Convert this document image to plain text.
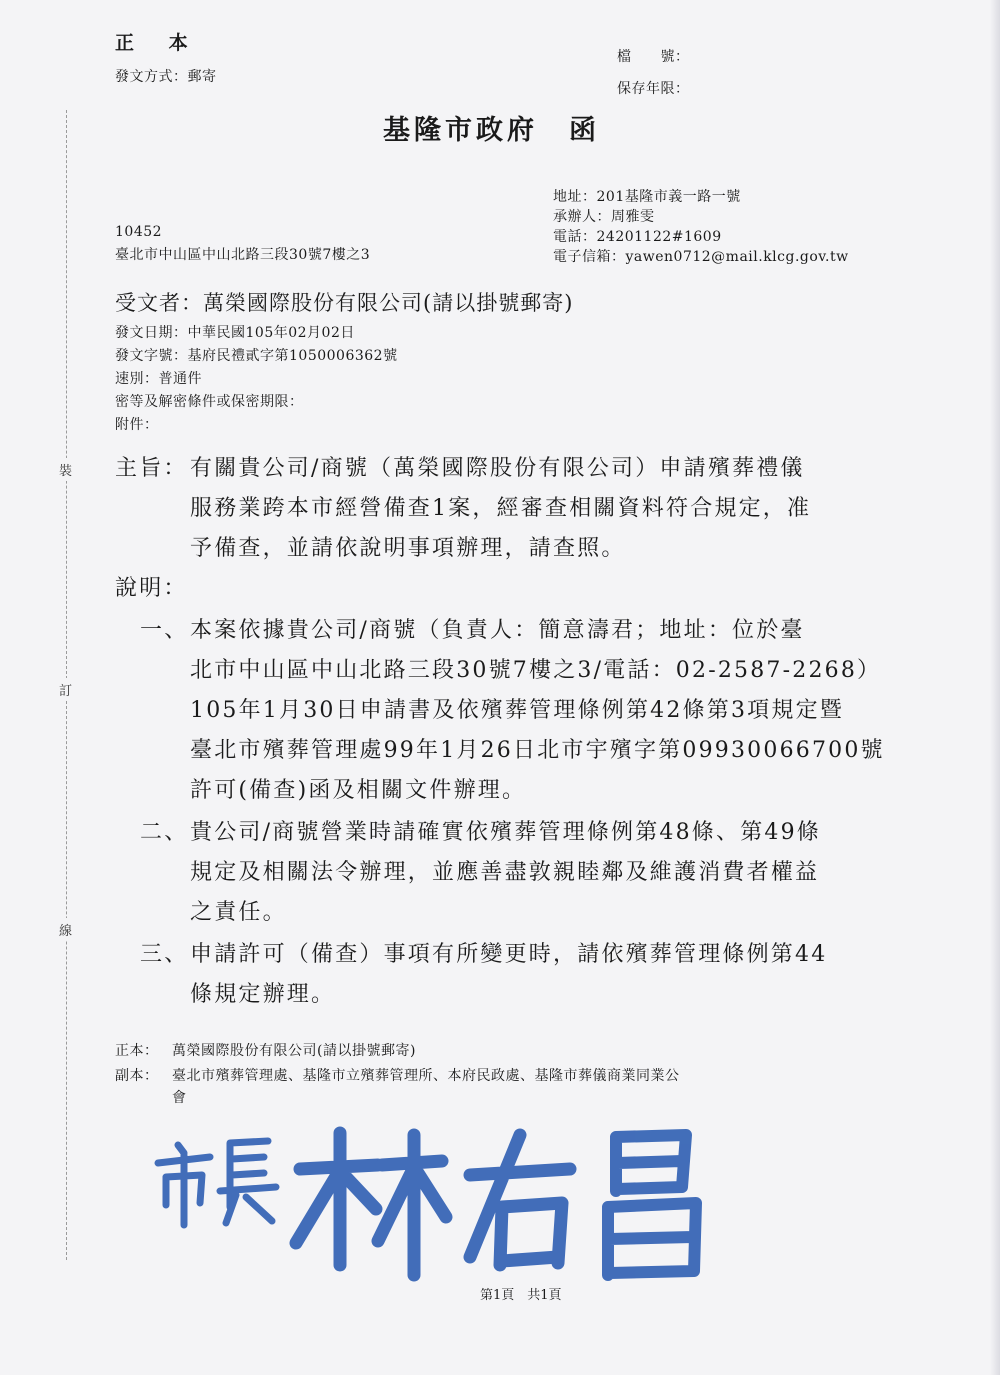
裝
訂
線
正 本
發文方式：郵寄
檔　　號：
保存年限：
基隆市政府　函
地址：201基隆市義一路一號
承辦人：周雅雯
電話：24201122#1609
電子信箱：yawen0712@mail.klcg.gov.tw
10452
臺北市中山區中山北路三段30號7樓之3
受文者：萬榮國際股份有限公司(請以掛號郵寄)
發文日期：中華民國105年02月02日
發文字號：基府民禮貳字第1050006362號
速別：普通件
密等及解密條件或保密期限：
附件：
主旨： 有關貴公司/商號（萬榮國際股份有限公司）申請殯葬禮儀
服務業跨本市經營備查1案，經審查相關資料符合規定，准
予備查，並請依說明事項辦理，請查照。
說明：
一、 本案依據貴公司/商號（負責人：簡意濤君；地址：位於臺
北市中山區中山北路三段30號7樓之3/電話：02-2587-2268）
105年1月30日申請書及依殯葬管理條例第42條第3項規定暨
臺北市殯葬管理處99年1月26日北市宇殯字第09930066700號
許可(備查)函及相關文件辦理。
二、 貴公司/商號營業時請確實依殯葬管理條例第48條、第49條
規定及相關法令辦理，並應善盡敦親睦鄰及維護消費者權益
之責任。
三、 申請許可（備查）事項有所變更時，請依殯葬管理條例第44
條規定辦理。
正本： 萬榮國際股份有限公司(請以掛號郵寄)
副本： 臺北市殯葬管理處、基隆市立殯葬管理所、本府民政處、基隆市葬儀商業同業公
會
第1頁　共1頁
